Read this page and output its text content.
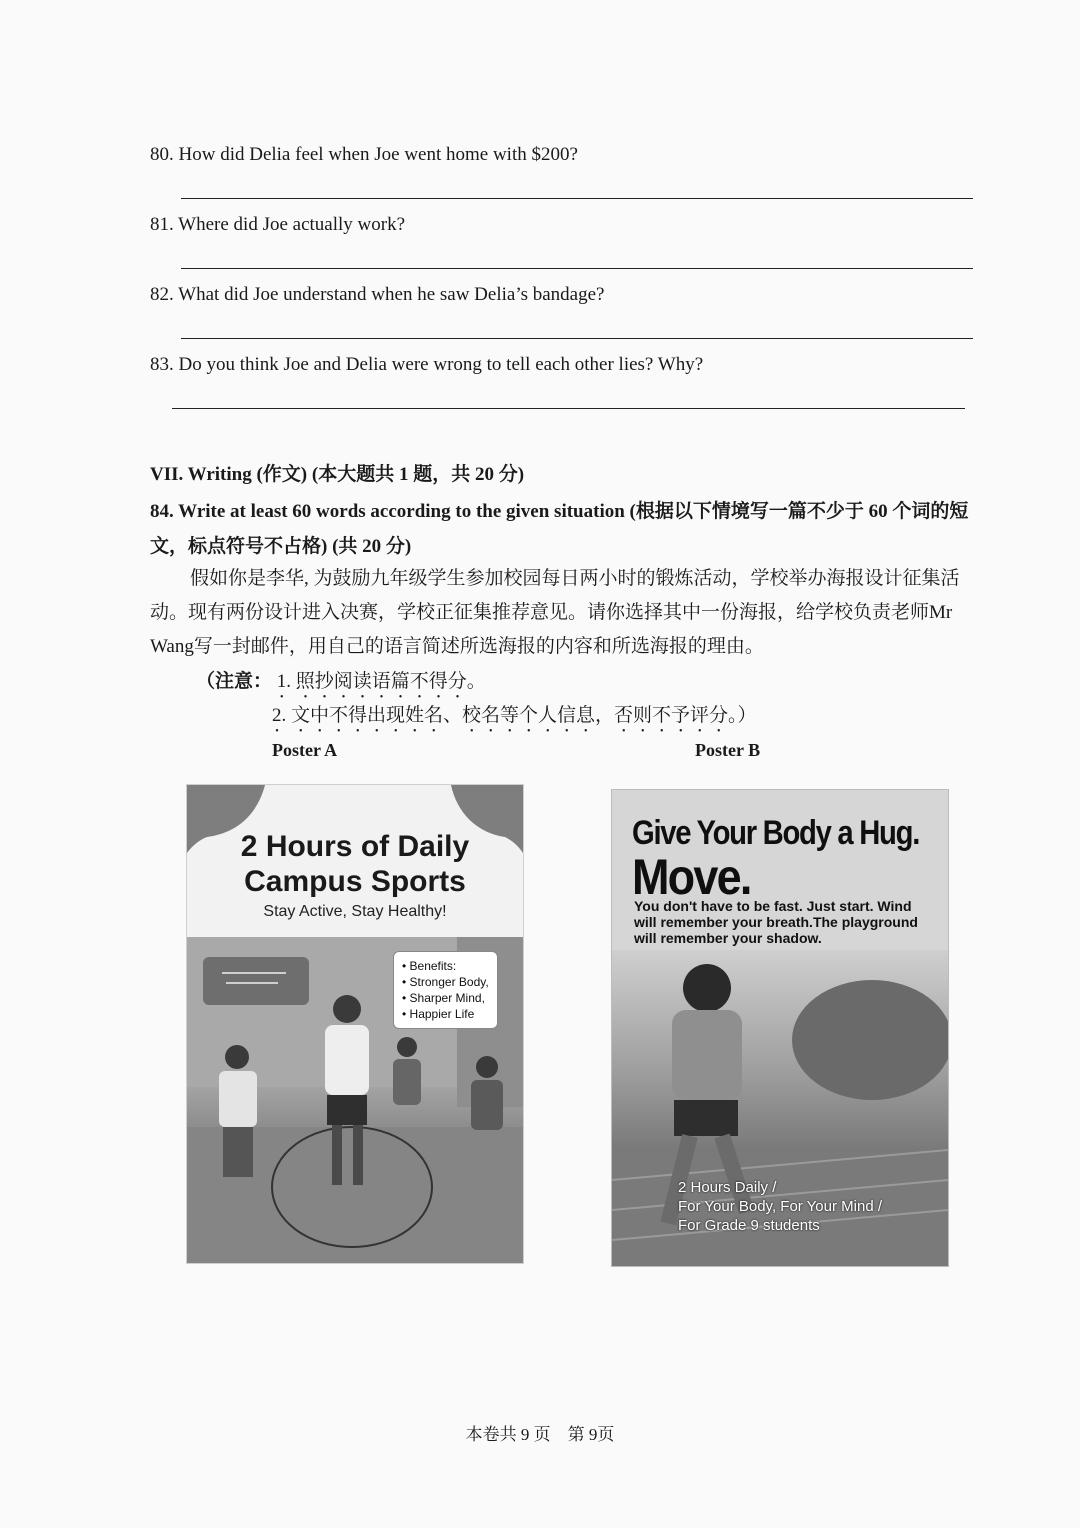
80. How did Delia feel when Joe went home with $200?
81. Where did Joe actually work?
82. What did Joe understand when he saw Delia’s bandage?
83. Do you think Joe and Delia were wrong to tell each other lies? Why?
VII. Writing (作文) (本大题共 1 题，共 20 分)
84. Write at least 60 words according to the given situation (根据以下情境写一篇不少于 60 个词的短文，标点符号不占格) (共 20 分)
假如你是李华, 为鼓励九年级学生参加校园每日两小时的锻炼活动，学校举办海报设计征集活动。现有两份设计进入决赛，学校正征集推荐意见。请你选择其中一份海报，给学校负责老师Mr Wang写一封邮件，用自己的语言简述所选海报的内容和所选海报的理由。
（注意： 1. 照抄阅读语篇不得分。
2. 文中不得出现姓名、校名等个人信息，否则不予评分。）
Poster A	Poster B
2 Hours of Daily
Campus Sports
Stay Active, Stay Healthy!
• Benefits:
• Stronger Body,
• Sharper Mind,
• Happier Life
Give Your Body a Hug.
Move.
You don't have to be fast. Just start. Wind will remember your breath.The playground will remember your shadow.
2 Hours Daily /
For Your Body, For Your Mind /
For Grade 9 students
本卷共 9 页　第 9页
